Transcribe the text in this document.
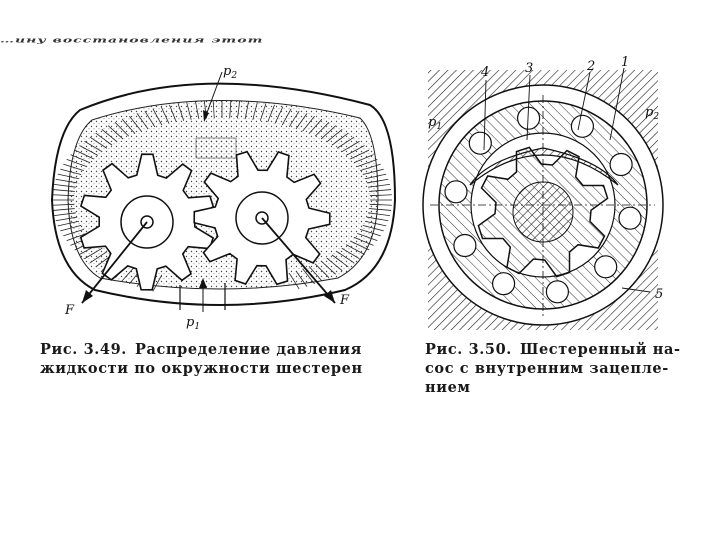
…ину восстановления этот
$p_2$
$p_1$
F
F
4	3	2 1
5
$p_1$
$p_2$
Рис. 3.49. Распределение давления
жидкости по окружности шестерен
Рис. 3.50. Шестеренный на-
сос с внутренним зацепле-
нием
